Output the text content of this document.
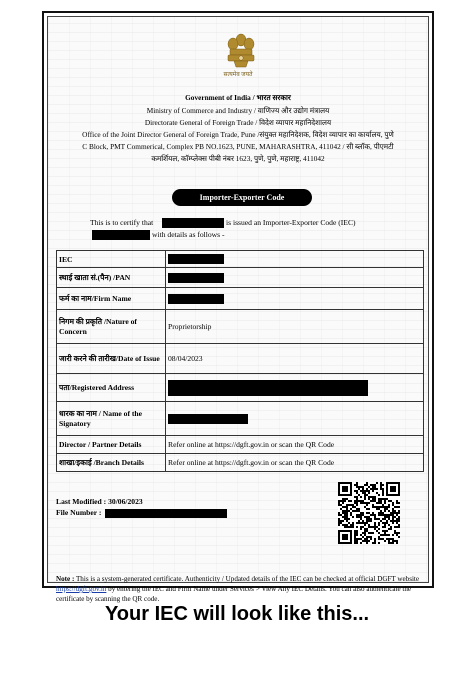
सत्यमेव जयते
Government of India / भारत सरकार
Ministry of Commerce and Industry / वाणिज्य और उद्योग मंत्रालय
Directorate General of Foreign Trade / विदेश व्यापार महानिदेशालय
Office of the Joint Director General of Foreign Trade, Pune /संयुक्त महानिदेशक, विदेश व्यापार का कार्यालय, पुणे
C Block, PMT Commerical, Complex PB NO.1623, PUNE, MAHARASHTRA, 411042 / सी ब्लॉक, पीएमटी
कमर्शियल, कॉम्प्लेक्स पीबी नंबर 1623, पुणे, पुणे, महाराष्ट्र, 411042
Importer-Exporter Code
This is to certify that	is issued an Importer-Exporter Code (IEC)
with details as follows -
IEC	
स्थाई खाता सं.(पैन) /PAN	
फर्म का नाम/Firm Name	
निगम की प्रकृति /Nature of Concern	Proprietorship
जारी करने की तारीख/Date of Issue	08/04/2023
पता/Registered Address	
धारक का नाम / Name of the Signatory	
Director / Partner Details	Refer online at https://dgft.gov.in or scan the QR Code
शाखा/इकाई /Branch Details	Refer online at https://dgft.gov.in or scan the QR Code
Last Modified : 30/06/2023
File Number :
Note : This is a system-generated certificate. Authenticity / Updated details of the IEC can be checked at official DGFT website https://dgft.gov.in by entering the IEC and Firm Name under Services > View Any IEC Details. You can also authenticate the certificate by scanning the QR code.
Your IEC will look like this...
